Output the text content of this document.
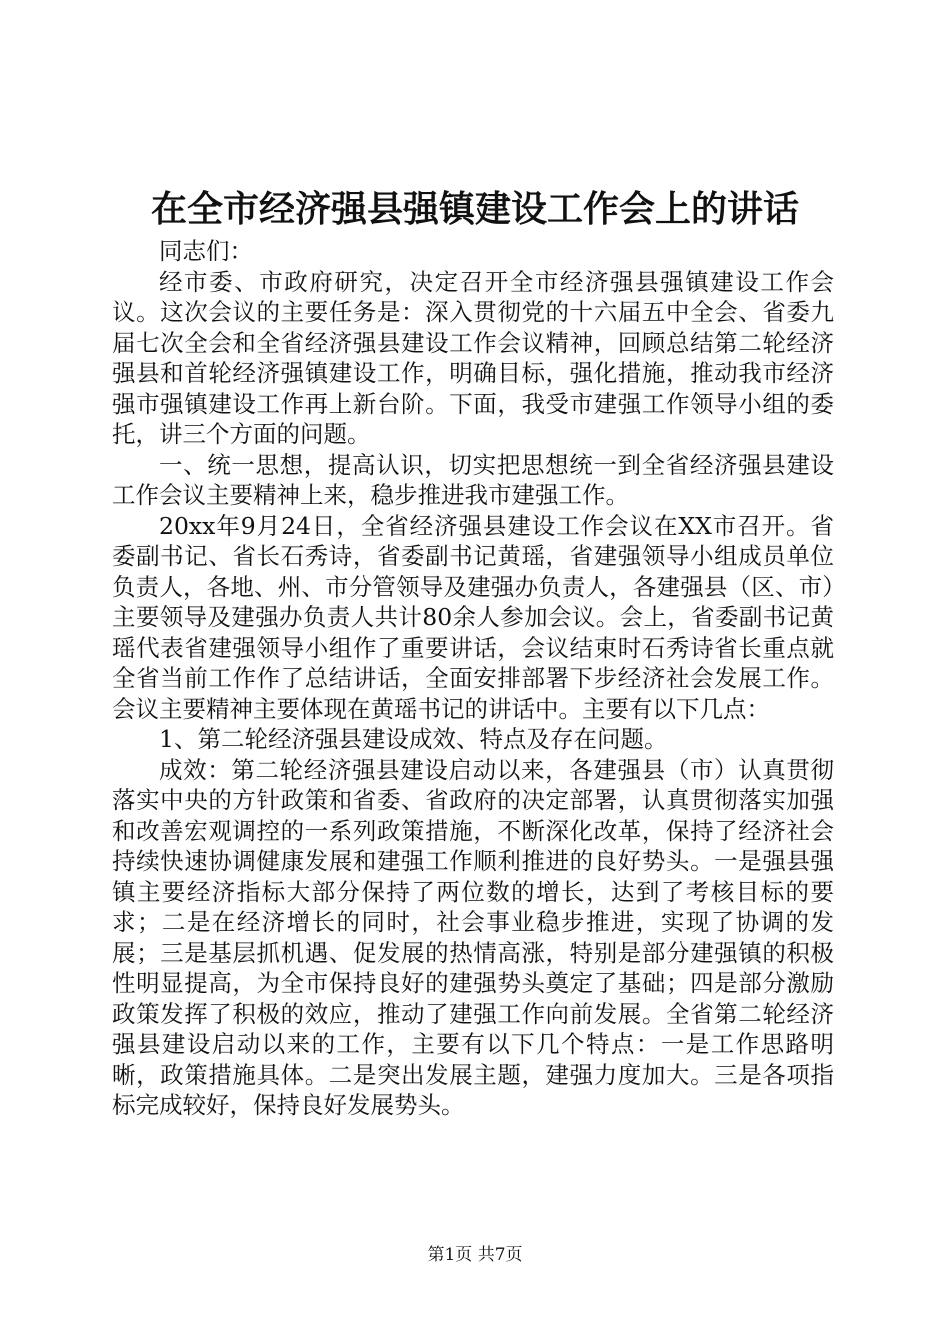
在全市经济强县强镇建设工作会上的讲话

同志们：

经市委、市政府研究，决定召开全市经济强县强镇建设工作会议。这次会议的主要任务是：深入贯彻党的十六届五中全会、省委九届七次全会和全省经济强县建设工作会议精神，回顾总结第二轮经济强县和首轮经济强镇建设工作，明确目标，强化措施，推动我市经济强市强镇建设工作再上新台阶。下面，我受市建强工作领导小组的委托，讲三个方面的问题。

一、统一思想，提高认识，切实把思想统一到全省经济强县建设工作会议主要精神上来，稳步推进我市建强工作。

20xx年9月24日，全省经济强县建设工作会议在XX市召开。省委副书记、省长石秀诗，省委副书记黄瑶，省建强领导小组成员单位负责人，各地、州、市分管领导及建强办负责人，各建强县（区、市）主要领导及建强办负责人共计80余人参加会议。会上，省委副书记黄瑶代表省建强领导小组作了重要讲话，会议结束时石秀诗省长重点就全省当前工作作了总结讲话，全面安排部署下步经济社会发展工作。会议主要精神主要体现在黄瑶书记的讲话中。主要有以下几点：

1、第二轮经济强县建设成效、特点及存在问题。

成效：第二轮经济强县建设启动以来，各建强县（市）认真贯彻落实中央的方针政策和省委、省政府的决定部署，认真贯彻落实加强和改善宏观调控的一系列政策措施，不断深化改革，保持了经济社会持续快速协调健康发展和建强工作顺利推进的良好势头。一是强县强镇主要经济指标大部分保持了两位数的增长，达到了考核目标的要求；二是在经济增长的同时，社会事业稳步推进，实现了协调的发展；三是基层抓机遇、促发展的热情高涨，特别是部分建强镇的积极性明显提高，为全市保持良好的建强势头奠定了基础；四是部分激励政策发挥了积极的效应，推动了建强工作向前发展。全省第二轮经济强县建设启动以来的工作，主要有以下几个特点：一是工作思路明晰，政策措施具体。二是突出发展主题，建强力度加大。三是各项指标完成较好，保持良好发展势头。

第1页 共7页
